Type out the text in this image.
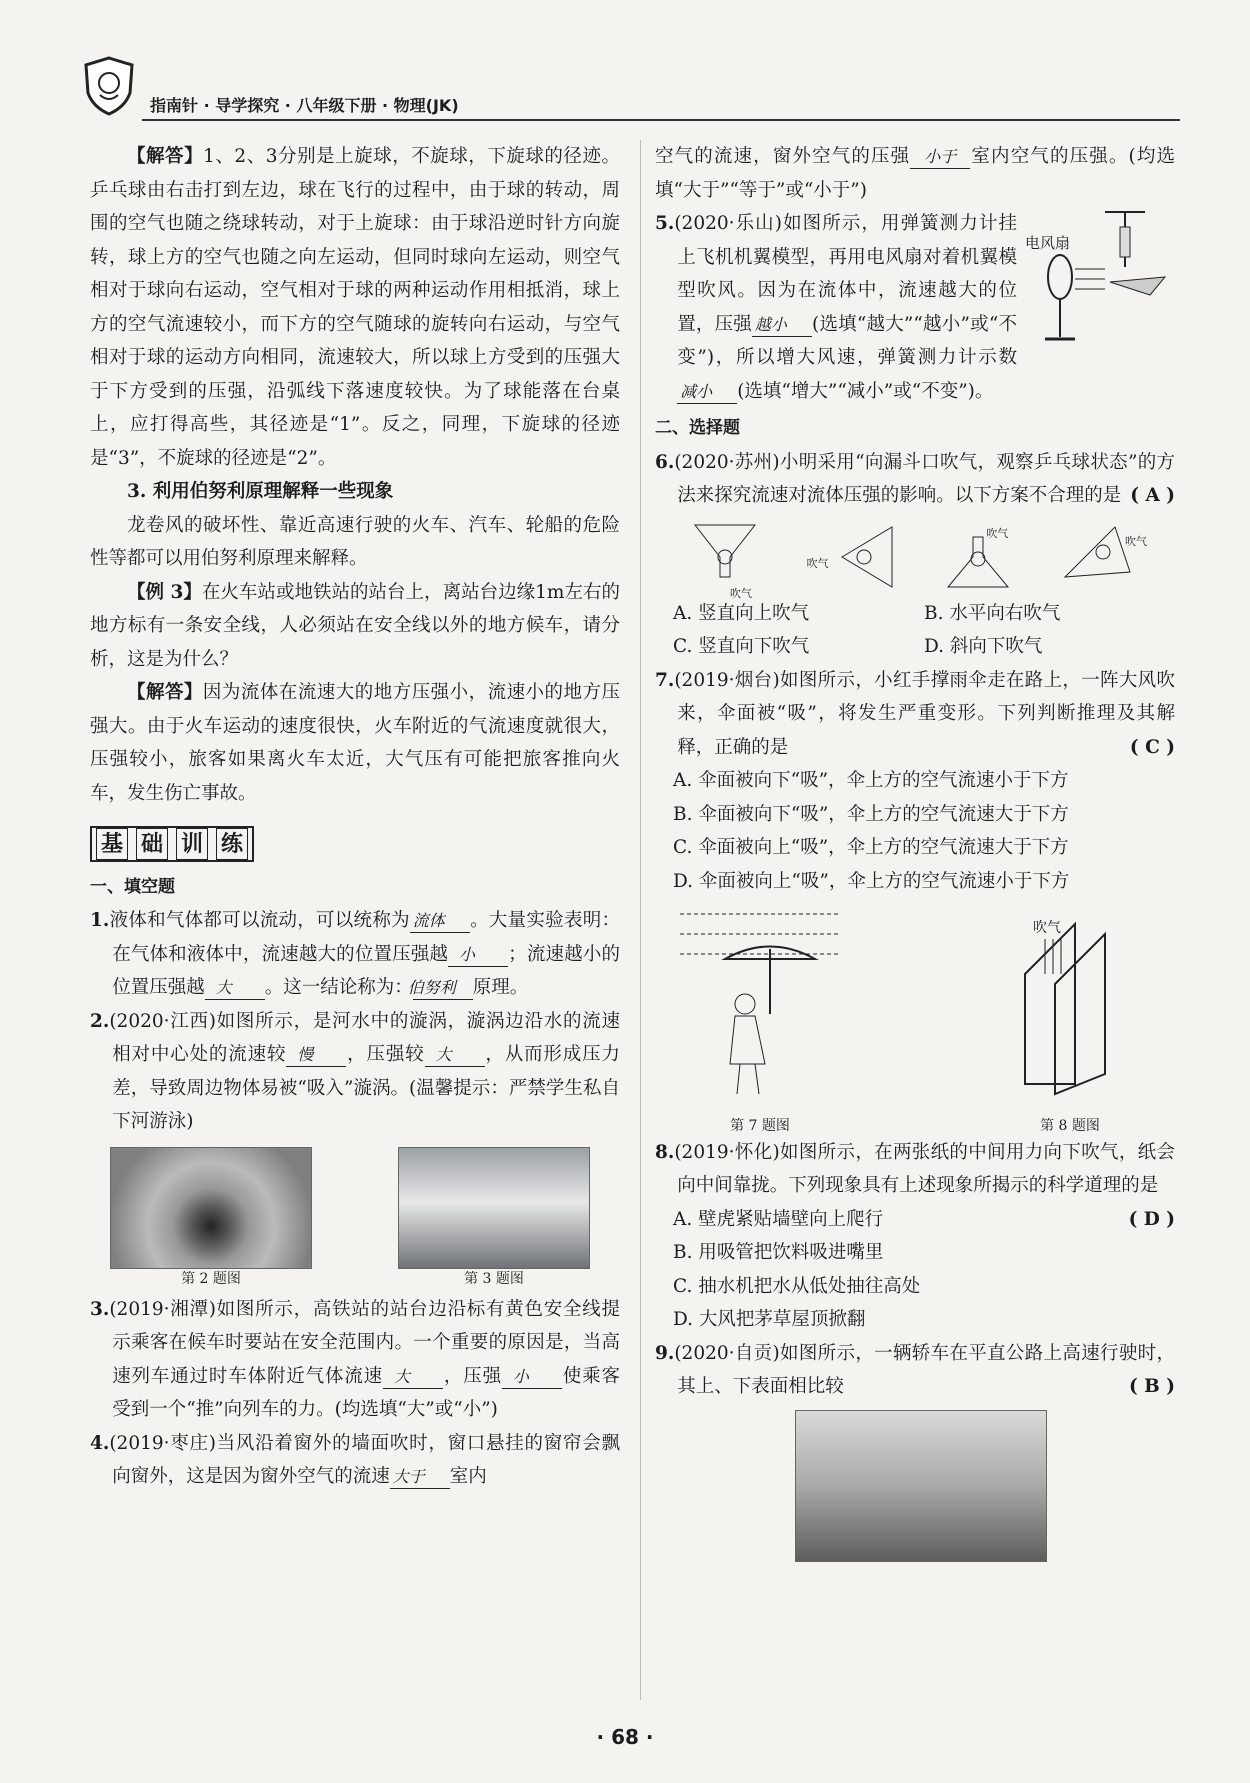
指南针 · 导学探究 · 八年级下册 · 物理(JK)

【解答】1、2、3分别是上旋球，不旋球，下旋球的径迹。乒乓球由右击打到左边，球在飞行的过程中，由于球的转动，周围的空气也随之绕球转动，对于上旋球：由于球沿逆时针方向旋转，球上方的空气也随之向左运动，但同时球向左运动，则空气相对于球向右运动，空气相对于球的两种运动作用相抵消，球上方的空气流速较小，而下方的空气随球的旋转向右运动，与空气相对于球的运动方向相同，流速较大，所以球上方受到的压强大于下方受到的压强，沿弧线下落速度较快。为了球能落在台桌上，应打得高些，其径迹是“1”。反之，同理，下旋球的径迹是“3”，不旋球的径迹是“2”。

3. 利用伯努利原理解释一些现象

龙卷风的破坏性、靠近高速行驶的火车、汽车、轮船的危险性等都可以用伯努利原理来解释。

【例 3】在火车站或地铁站的站台上，离站台边缘1m左右的地方标有一条安全线，人必须站在安全线以外的地方候车，请分析，这是为什么？

【解答】因为流体在流速大的地方压强小，流速小的地方压强大。由于火车运动的速度很快，火车附近的气流速度就很大，压强较小，旅客如果离火车太近，大气压有可能把旅客推向火车，发生伤亡事故。

基 础 训 练

一、填空题

1.液体和气体都可以流动，可以统称为 流体 。大量实验表明：在气体和液体中，流速越大的位置压强越 小 ；流速越小的位置压强越 大 。这一结论称为：伯努利 原理。

2.(2020·江西)如图所示，是河水中的漩涡，漩涡边沿水的流速相对中心处的流速较 慢 ，压强较 大 ，从而形成压力差，导致周边物体易被“吸入”漩涡。(温馨提示：严禁学生私自下河游泳)

第 2 题图	第 3 题图

3.(2019·湘潭)如图所示，高铁站的站台边沿标有黄色安全线提示乘客在候车时要站在安全范围内。一个重要的原因是，当高速列车通过时车体附近气体流速 大 ，压强 小 使乘客受到一个“推”向列车的力。(均选填“大”或“小”)

4.(2019·枣庄)当风沿着窗外的墙面吹时，窗口悬挂的窗帘会飘向窗外，这是因为窗外空气的流速 大于 室内

空气的流速，窗外空气的压强 小于 室内空气的压强。(均选填“大于”“等于”或“小于”)

电风扇

5.(2020·乐山)如图所示，用弹簧测力计挂上飞机机翼模型，再用电风扇对着机翼模型吹风。因为在流体中，流速越大的位置，压强 越小 (选填“越大”“越小”或“不变”)，所以增大风速，弹簧测力计示数减小 (选填“增大”“减小”或“不变”)。

二、选择题

6.(2020·苏州)小明采用“向漏斗口吹气，观察乒乓球状态”的方法来探究流速对流体压强的影响。以下方案不合理的是 ( A )

吹气
吹气
吹气
吹气
A. 竖直向上吹气	B. 水平向右吹气
C. 竖直向下吹气	D. 斜向下吹气

7.(2019·烟台)如图所示，小红手撑雨伞走在路上，一阵大风吹来，伞面被“吸”，将发生严重变形。下列判断推理及其解释，正确的是	( C )

A. 伞面被向下“吸”，伞上方的空气流速小于下方

B. 伞面被向下“吸”，伞上方的空气流速大于下方

C. 伞面被向上“吸”，伞上方的空气流速大于下方

D. 伞面被向上“吸”，伞上方的空气流速小于下方

第 7 题图
吹气
第 8 题图

8.(2019·怀化)如图所示，在两张纸的中间用力向下吹气，纸会向中间靠拢。下列现象具有上述现象所揭示的科学道理的是
( D )

A. 壁虎紧贴墙壁向上爬行

B. 用吸管把饮料吸进嘴里

C. 抽水机把水从低处抽往高处

D. 大风把茅草屋顶掀翻

9.(2020·自贡)如图所示，一辆轿车在平直公路上高速行驶时，其上、下表面相比较	( B )

· 68 ·
